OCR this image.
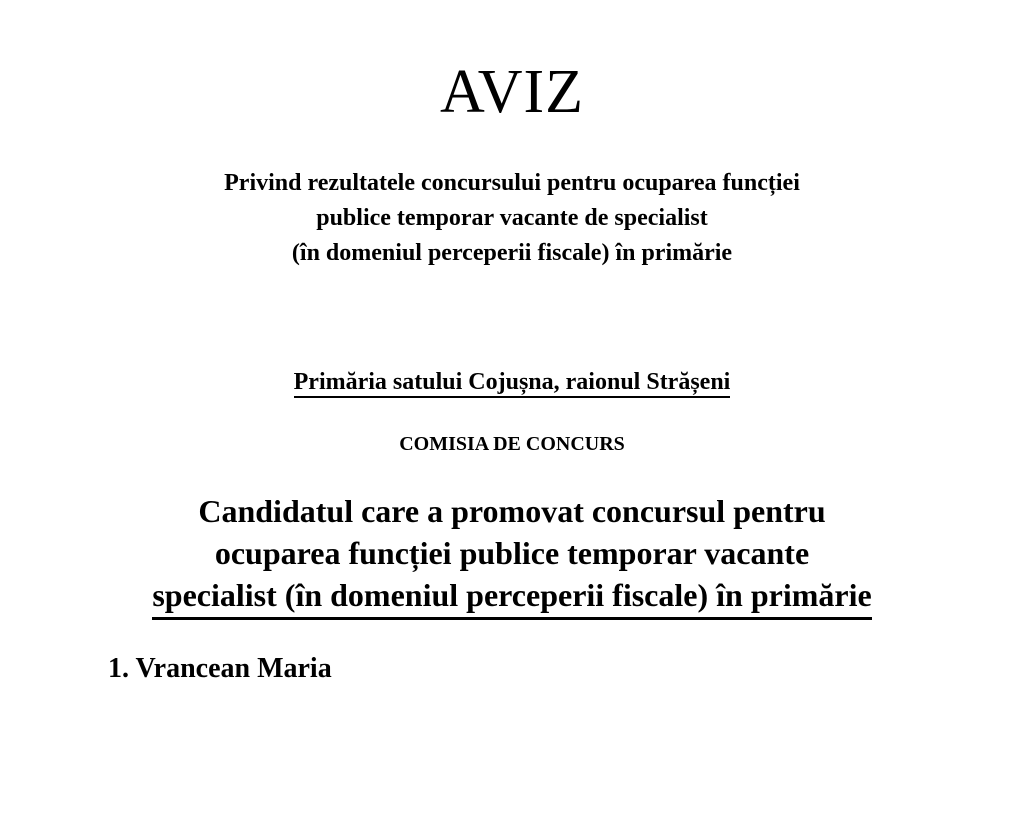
AVIZ
Privind rezultatele concursului pentru ocuparea funcției
publice temporar vacante de specialist
(în domeniul perceperii fiscale) în primărie
Primăria satului Cojușna, raionul Strășeni
COMISIA DE CONCURS
Candidatul care a promovat concursul pentru
ocuparea funcției publice temporar vacante
specialist (în domeniul perceperii fiscale) în primărie
1. Vrancean Maria
